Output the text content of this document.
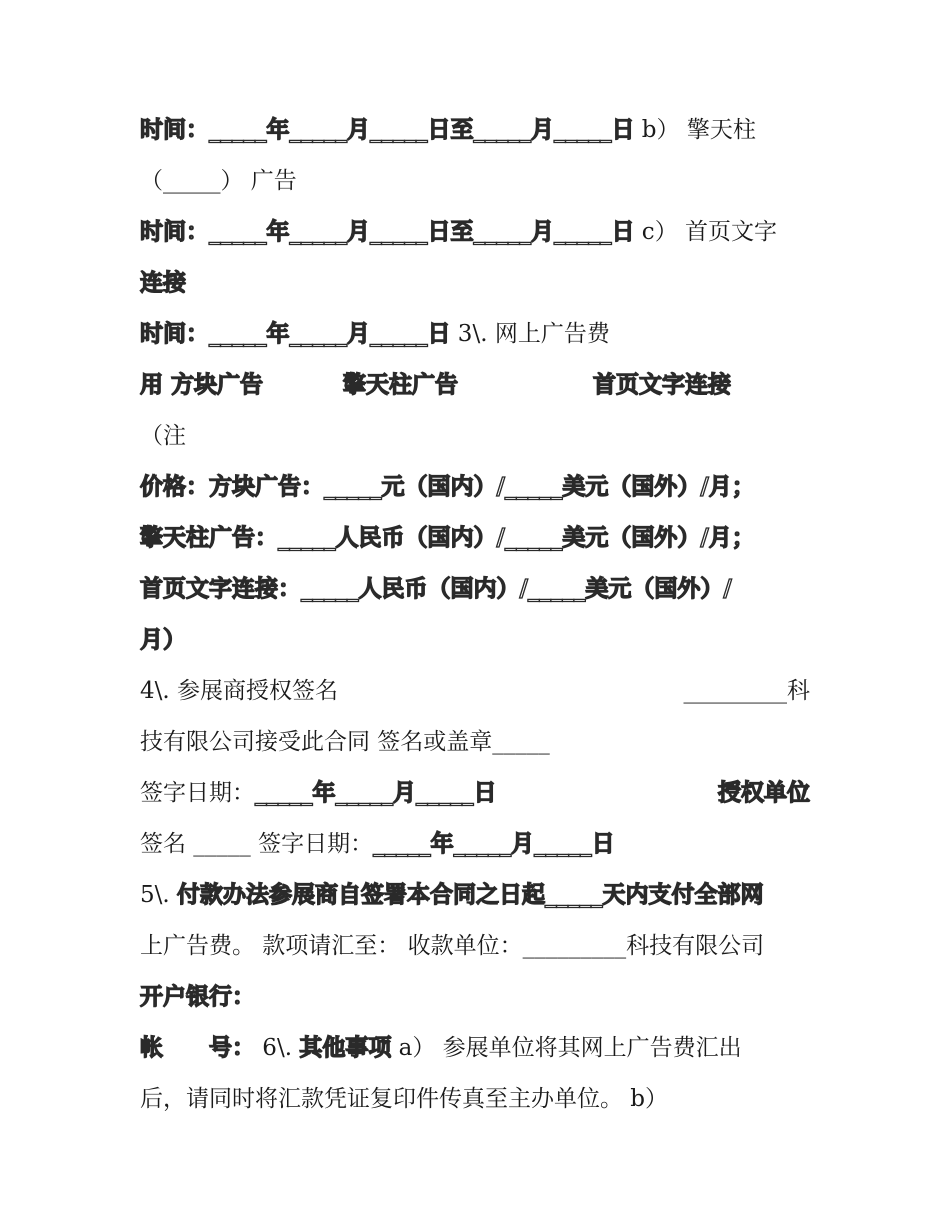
时间：_____年_____月_____日至_____月_____日 b） 擎天柱
（_____） 广告
时间：_____年_____月_____日至_____月_____日 c） 首页文字
连接
时间：_____年_____月_____日 3\. 网上广告费
用 方块广告	擎天柱广告	首页文字连接
（注
价格：方块广告：_____元（国内）/_____美元（国外）/月；
擎天柱广告：_____人民币（国内）/_____美元（国外）/月；
首页文字连接：_____人民币（国内）/_____美元（国外）/
月）
4\. 参展商授权签名	_________科
技有限公司接受此合同 签名或盖章_____
签字日期：_____年_____月_____日	授权单位
签名 _____ 签字日期：_____年_____月_____日
5\. 付款办法参展商自签署本合同之日起_____天内支付全部网
上广告费。 款项请汇至： 收款单位：_________科技有限公司
开户银行：
帐　　号： 6\. 其他事项 a） 参展单位将其网上广告费汇出
后，请同时将汇款凭证复印件传真至主办单位。 b）
